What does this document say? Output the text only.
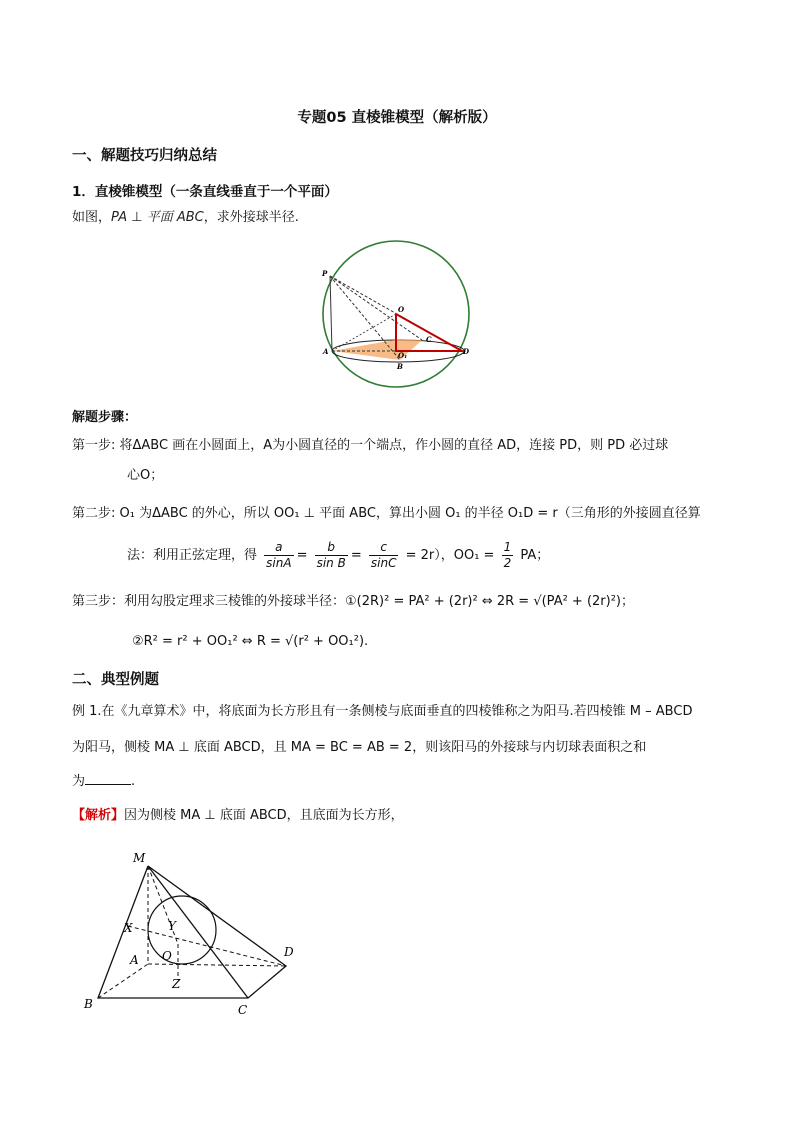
专题05 直棱锥模型（解析版）
一、解题技巧归纳总结
1．直棱锥模型（一条直线垂直于一个平面）
如图，PA ⊥ 平面 ABC，求外接球半径.
P
O
C
A	O₁	D
B
解题步骤：
第一步: 将ΔABC 画在小圆面上，A为小圆直径的一个端点，作小圆的直径 AD，连接 PD，则 PD 必过球
心O；
第二步: O₁ 为ΔABC 的外心，所以 OO₁ ⊥ 平面 ABC，算出小圆 O₁ 的半径 O₁D = r（三角形的外接圆直径算
法：利用正弦定理，得 $\frac{a}{\sin A} = \frac{b}{\text{sin B}} = \frac{c}{\sin C} = 2r$），$OO_1 = \frac{1}{2}$ PA；
第三步：利用勾股定理求三棱锥的外接球半径：①(2R)² = PA² + (2r)² ⇔ 2R = √(PA² + (2r)²)；
②R² = r² + OO₁² ⇔ R = √(r² + OO₁²).
二、典型例题
例 1.在《九章算术》中，将底面为长方形且有一条侧棱与底面垂直的四棱锥称之为阳马.若四棱锥 M – ABCD
为阳马，侧棱 MA ⊥ 底面 ABCD，且 MA = BC = AB = 2，则该阳马的外接球与内切球表面积之和
为	.
【解析】因为侧棱 MA ⊥ 底面 ABCD，且底面为长方形，
M
X	Y
A O
Z
D
B	C
